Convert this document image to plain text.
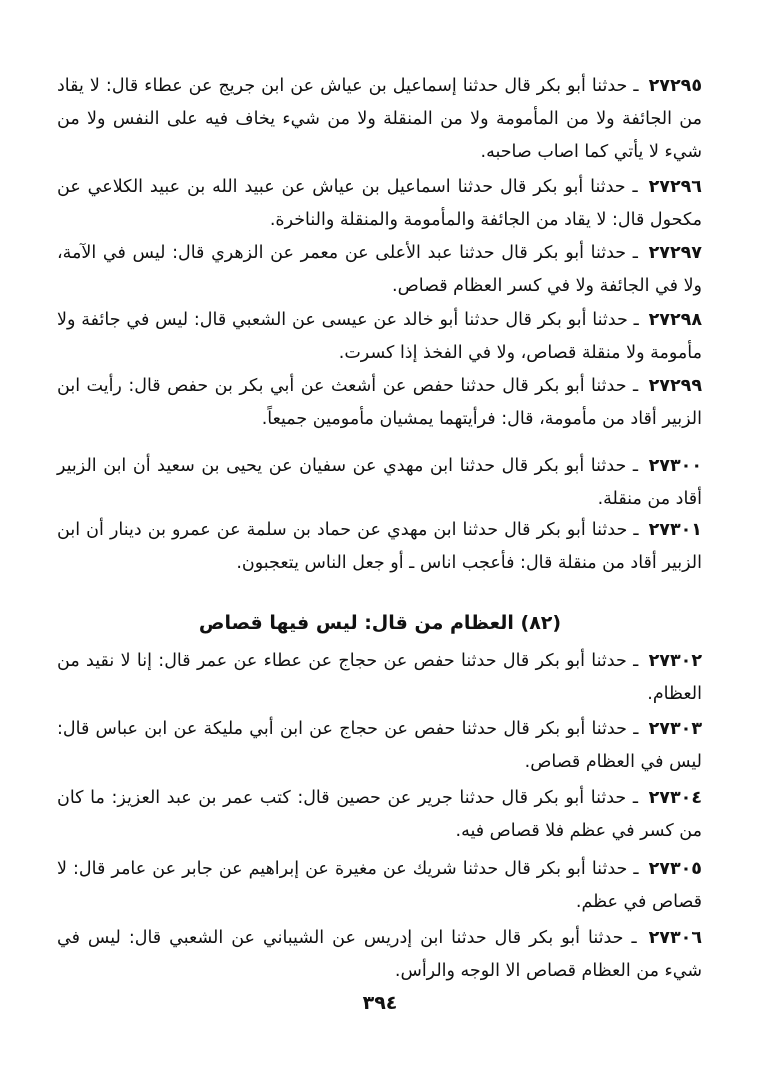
٢٧٢٩٥ ـ حدثنا أبو بكر قال حدثنا إسماعيل بن عياش عن ابن جريج عن عطاء قال: لا يقاد من الجائفة ولا من المأمومة ولا من المنقلة ولا من شيء يخاف فيه على النفس ولا من شيء لا يأتي كما اصاب صاحبه.

٢٧٢٩٦ ـ حدثنا أبو بكر قال حدثنا اسماعيل بن عياش عن عبيد الله بن عبيد الكلاعي عن مكحول قال: لا يقاد من الجائفة والمأمومة والمنقلة والناخرة.

٢٧٢٩٧ ـ حدثنا أبو بكر قال حدثنا عبد الأعلى عن معمر عن الزهري قال: ليس في الآمة، ولا في الجائفة ولا في كسر العظام قصاص.

٢٧٢٩٨ ـ حدثنا أبو بكر قال حدثنا أبو خالد عن عيسى عن الشعبي قال: ليس في جائفة ولا مأمومة ولا منقلة قصاص، ولا في الفخذ إذا كسرت.

٢٧٢٩٩ ـ حدثنا أبو بكر قال حدثنا حفص عن أشعث عن أبي بكر بن حفص قال: رأيت ابن الزبير أقاد من مأمومة، قال: فرأيتهما يمشيان مأمومين جميعاً.

٢٧٣٠٠ ـ حدثنا أبو بكر قال حدثنا ابن مهدي عن سفيان عن يحيى بن سعيد أن ابن الزبير أقاد من منقلة.

٢٧٣٠١ ـ حدثنا أبو بكر قال حدثنا ابن مهدي عن حماد بن سلمة عن عمرو بن دينار أن ابن الزبير أقاد من منقلة قال: فأعجب اناس ـ أو جعل الناس يتعجبون.

(٨٢) العظام من قال: ليس فيها قصاص

٢٧٣٠٢ ـ حدثنا أبو بكر قال حدثنا حفص عن حجاج عن عطاء عن عمر قال: إنا لا نقيد من العظام.

٢٧٣٠٣ ـ حدثنا أبو بكر قال حدثنا حفص عن حجاج عن ابن أبي مليكة عن ابن عباس قال: ليس في العظام قصاص.

٢٧٣٠٤ ـ حدثنا أبو بكر قال حدثنا جرير عن حصين قال: كتب عمر بن عبد العزيز: ما كان من كسر في عظم فلا قصاص فيه.

٢٧٣٠٥ ـ حدثنا أبو بكر قال حدثنا شريك عن مغيرة عن إبراهيم عن جابر عن عامر قال: لا قصاص في عظم.

٢٧٣٠٦ ـ حدثنا أبو بكر قال حدثنا ابن إدريس عن الشيباني عن الشعبي قال: ليس في شيء من العظام قصاص الا الوجه والرأس.

٣٩٤
